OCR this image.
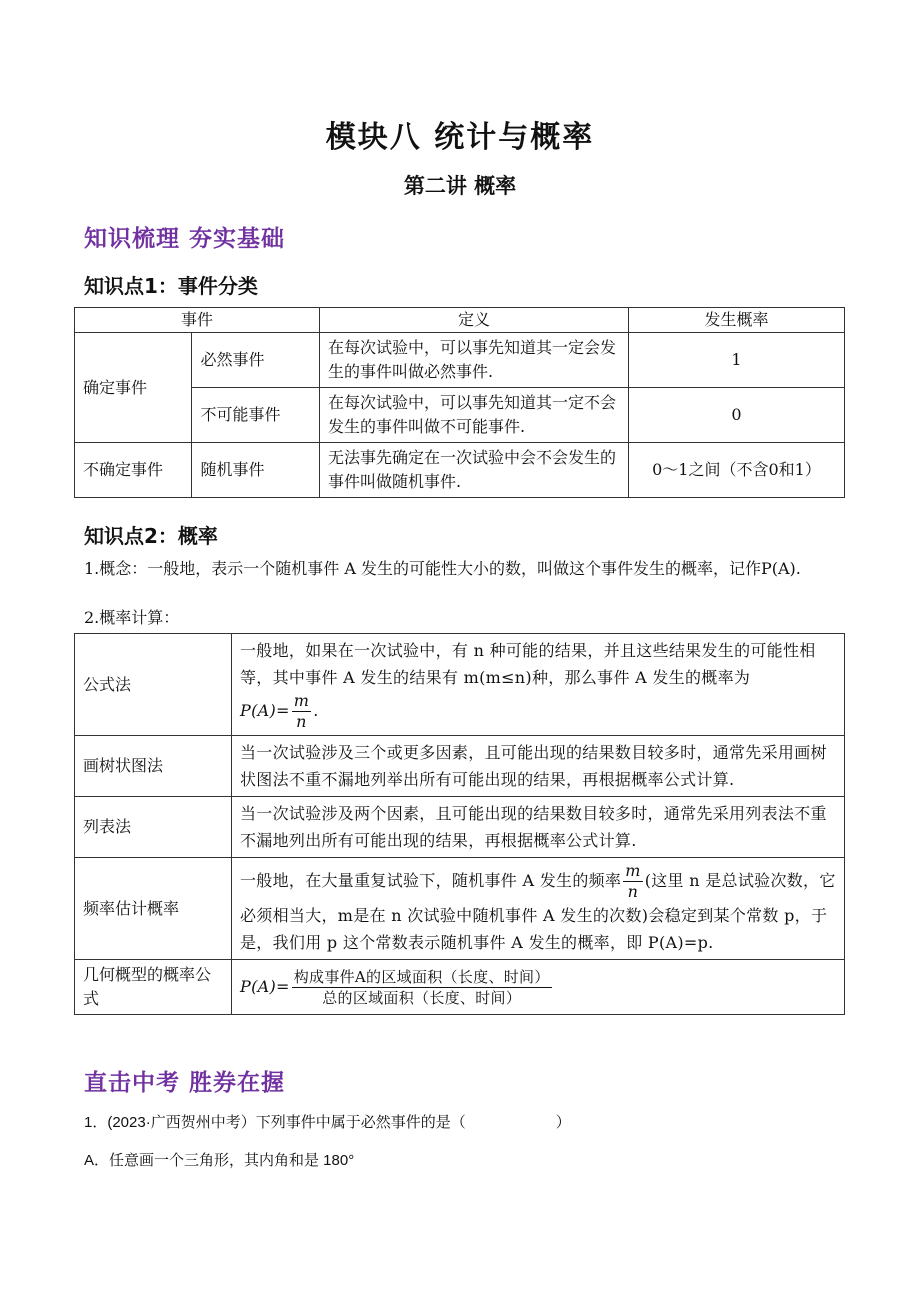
模块八 统计与概率
第二讲 概率
知识梳理 夯实基础
知识点1：事件分类
事件		定义	发生概率
确定事件	必然事件	在每次试验中，可以事先知道其一定会发生的事件叫做必然事件.	1
	不可能事件	在每次试验中，可以事先知道其一定不会发生的事件叫做不可能事件.	0
不确定事件	随机事件	无法事先确定在一次试验中会不会发生的事件叫做随机事件.	0～1之间（不含0和1）
知识点2：概率
1.概念：一般地，表示一个随机事件 A 发生的可能性大小的数，叫做这个事件发生的概率，记作P(A).
2.概率计算：
公式法	一般地，如果在一次试验中，有 n 种可能的结果，并且这些结果发生的可能性相等，其中事件 A 发生的结果有 m(m≤n)种，那么事件 A 发生的概率为
$P(A)= \frac{m}{n}$ .
画树状图法	当一次试验涉及三个或更多因素，且可能出现的结果数目较多时，通常先采用画树状图法不重不漏地列举出所有可能出现的结果，再根据概率公式计算.
列表法	当一次试验涉及两个因素，且可能出现的结果数目较多时，通常先采用列表法不重不漏地列出所有可能出现的结果，再根据概率公式计算.
频率估计概率	一般地，在大量重复试验下，随机事件 A 发生的频率 $\frac{m}{n}$ (这里 n 是总试验次数，它必须相当大，m是在 n 次试验中随机事件 A 发生的次数)会稳定到某个常数 p，于是，我们用 p 这个常数表示随机事件 A 发生的概率，即 P(A)=p.
几何概型的概率公式	$P(A)= \frac{\text{构成事件A的区域面积（长度、时间）}}{\text{总的区域面积（长度、时间）}}$
直击中考 胜券在握
1．(2023·广西贺州中考）下列事件中属于必然事件的是（　　　　　　）
A．任意画一个三角形，其内角和是 180°
